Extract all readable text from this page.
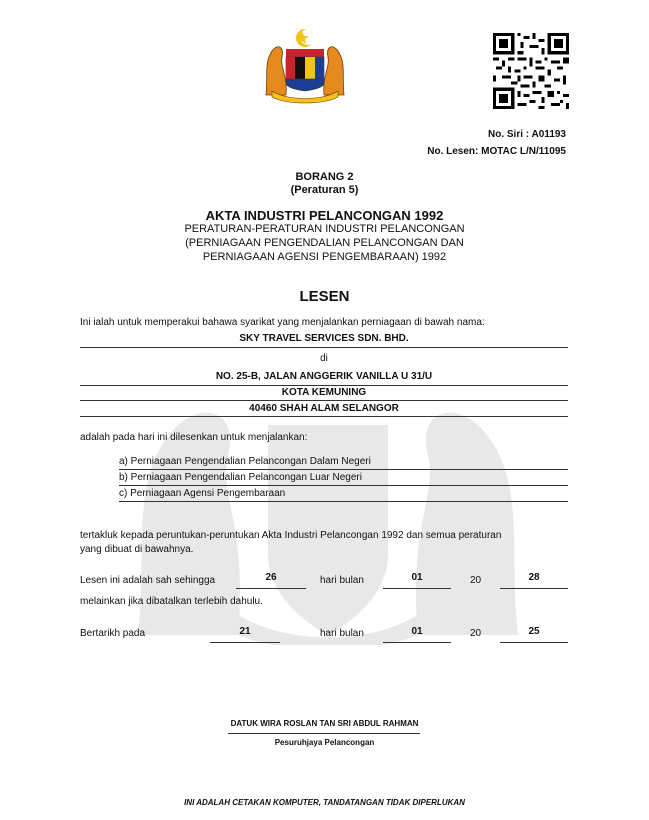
No. Siri : A01193
No. Lesen: MOTAC L/N/11095
BORANG 2
(Peraturan 5)
AKTA INDUSTRI PELANCONGAN 1992
PERATURAN-PERATURAN INDUSTRI PELANCONGAN
(PERNIAGAAN PENGENDALIAN PELANCONGAN DAN
PERNIAGAAN AGENSI PENGEMBARAAN) 1992
LESEN
Ini ialah untuk memperakui bahawa syarikat yang menjalankan perniagaan di bawah nama:
SKY TRAVEL SERVICES SDN. BHD.
di
NO. 25-B, JALAN ANGGERIK VANILLA U 31/U
KOTA KEMUNING
40460 SHAH ALAM SELANGOR
adalah pada hari ini dilesenkan untuk menjalankan:
a) Perniagaan Pengendalian Pelancongan Dalam Negeri
b) Perniagaan Pengendalian Pelancongan Luar Negeri
c) Perniagaan Agensi Pengembaraan
tertakluk kepada peruntukan-peruntukan Akta Industri Pelancongan 1992 dan semua peraturan
yang dibuat di bawahnya.
Lesen ini adalah sah sehingga	26	hari bulan	01	20	28
melainkan jika dibatalkan terlebih dahulu.
Bertarikh pada	21	hari bulan	01	20	25
DATUK WIRA ROSLAN TAN SRI ABDUL RAHMAN
Pesuruhjaya Pelancongan
INI ADALAH CETAKAN KOMPUTER, TANDATANGAN TIDAK DIPERLUKAN
